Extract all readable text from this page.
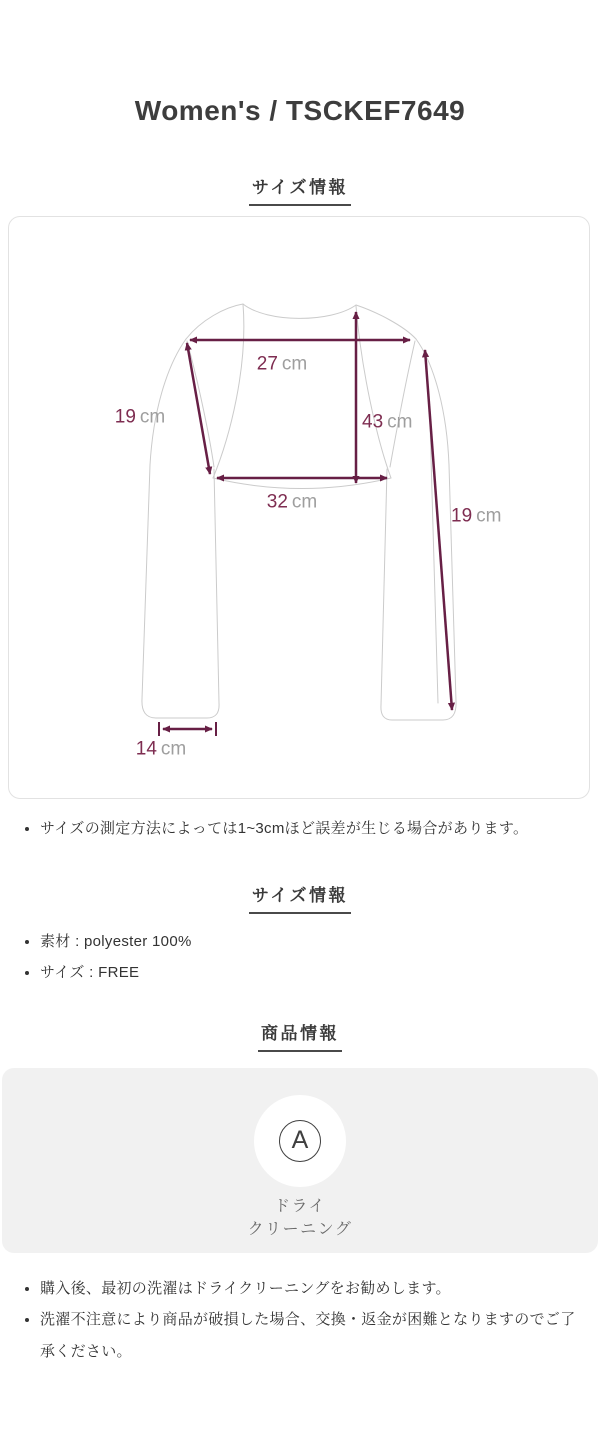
Women's / TSCKEF7649
サイズ情報
27 cm
19 cm	43 cm
32 cm
19 cm
14 cm
• サイズの測定方法によっては1~3cmほど誤差が生じる場合があります。
サイズ情報
• 素材 : polyester 100%
• サイズ : FREE
商品情報
A
ドライ
クリーニング
• 購入後、最初の洗濯はドライクリーニングをお勧めします。
• 洗濯不注意により商品が破損した場合、交換・返金が困難となりますのでご了承ください。
